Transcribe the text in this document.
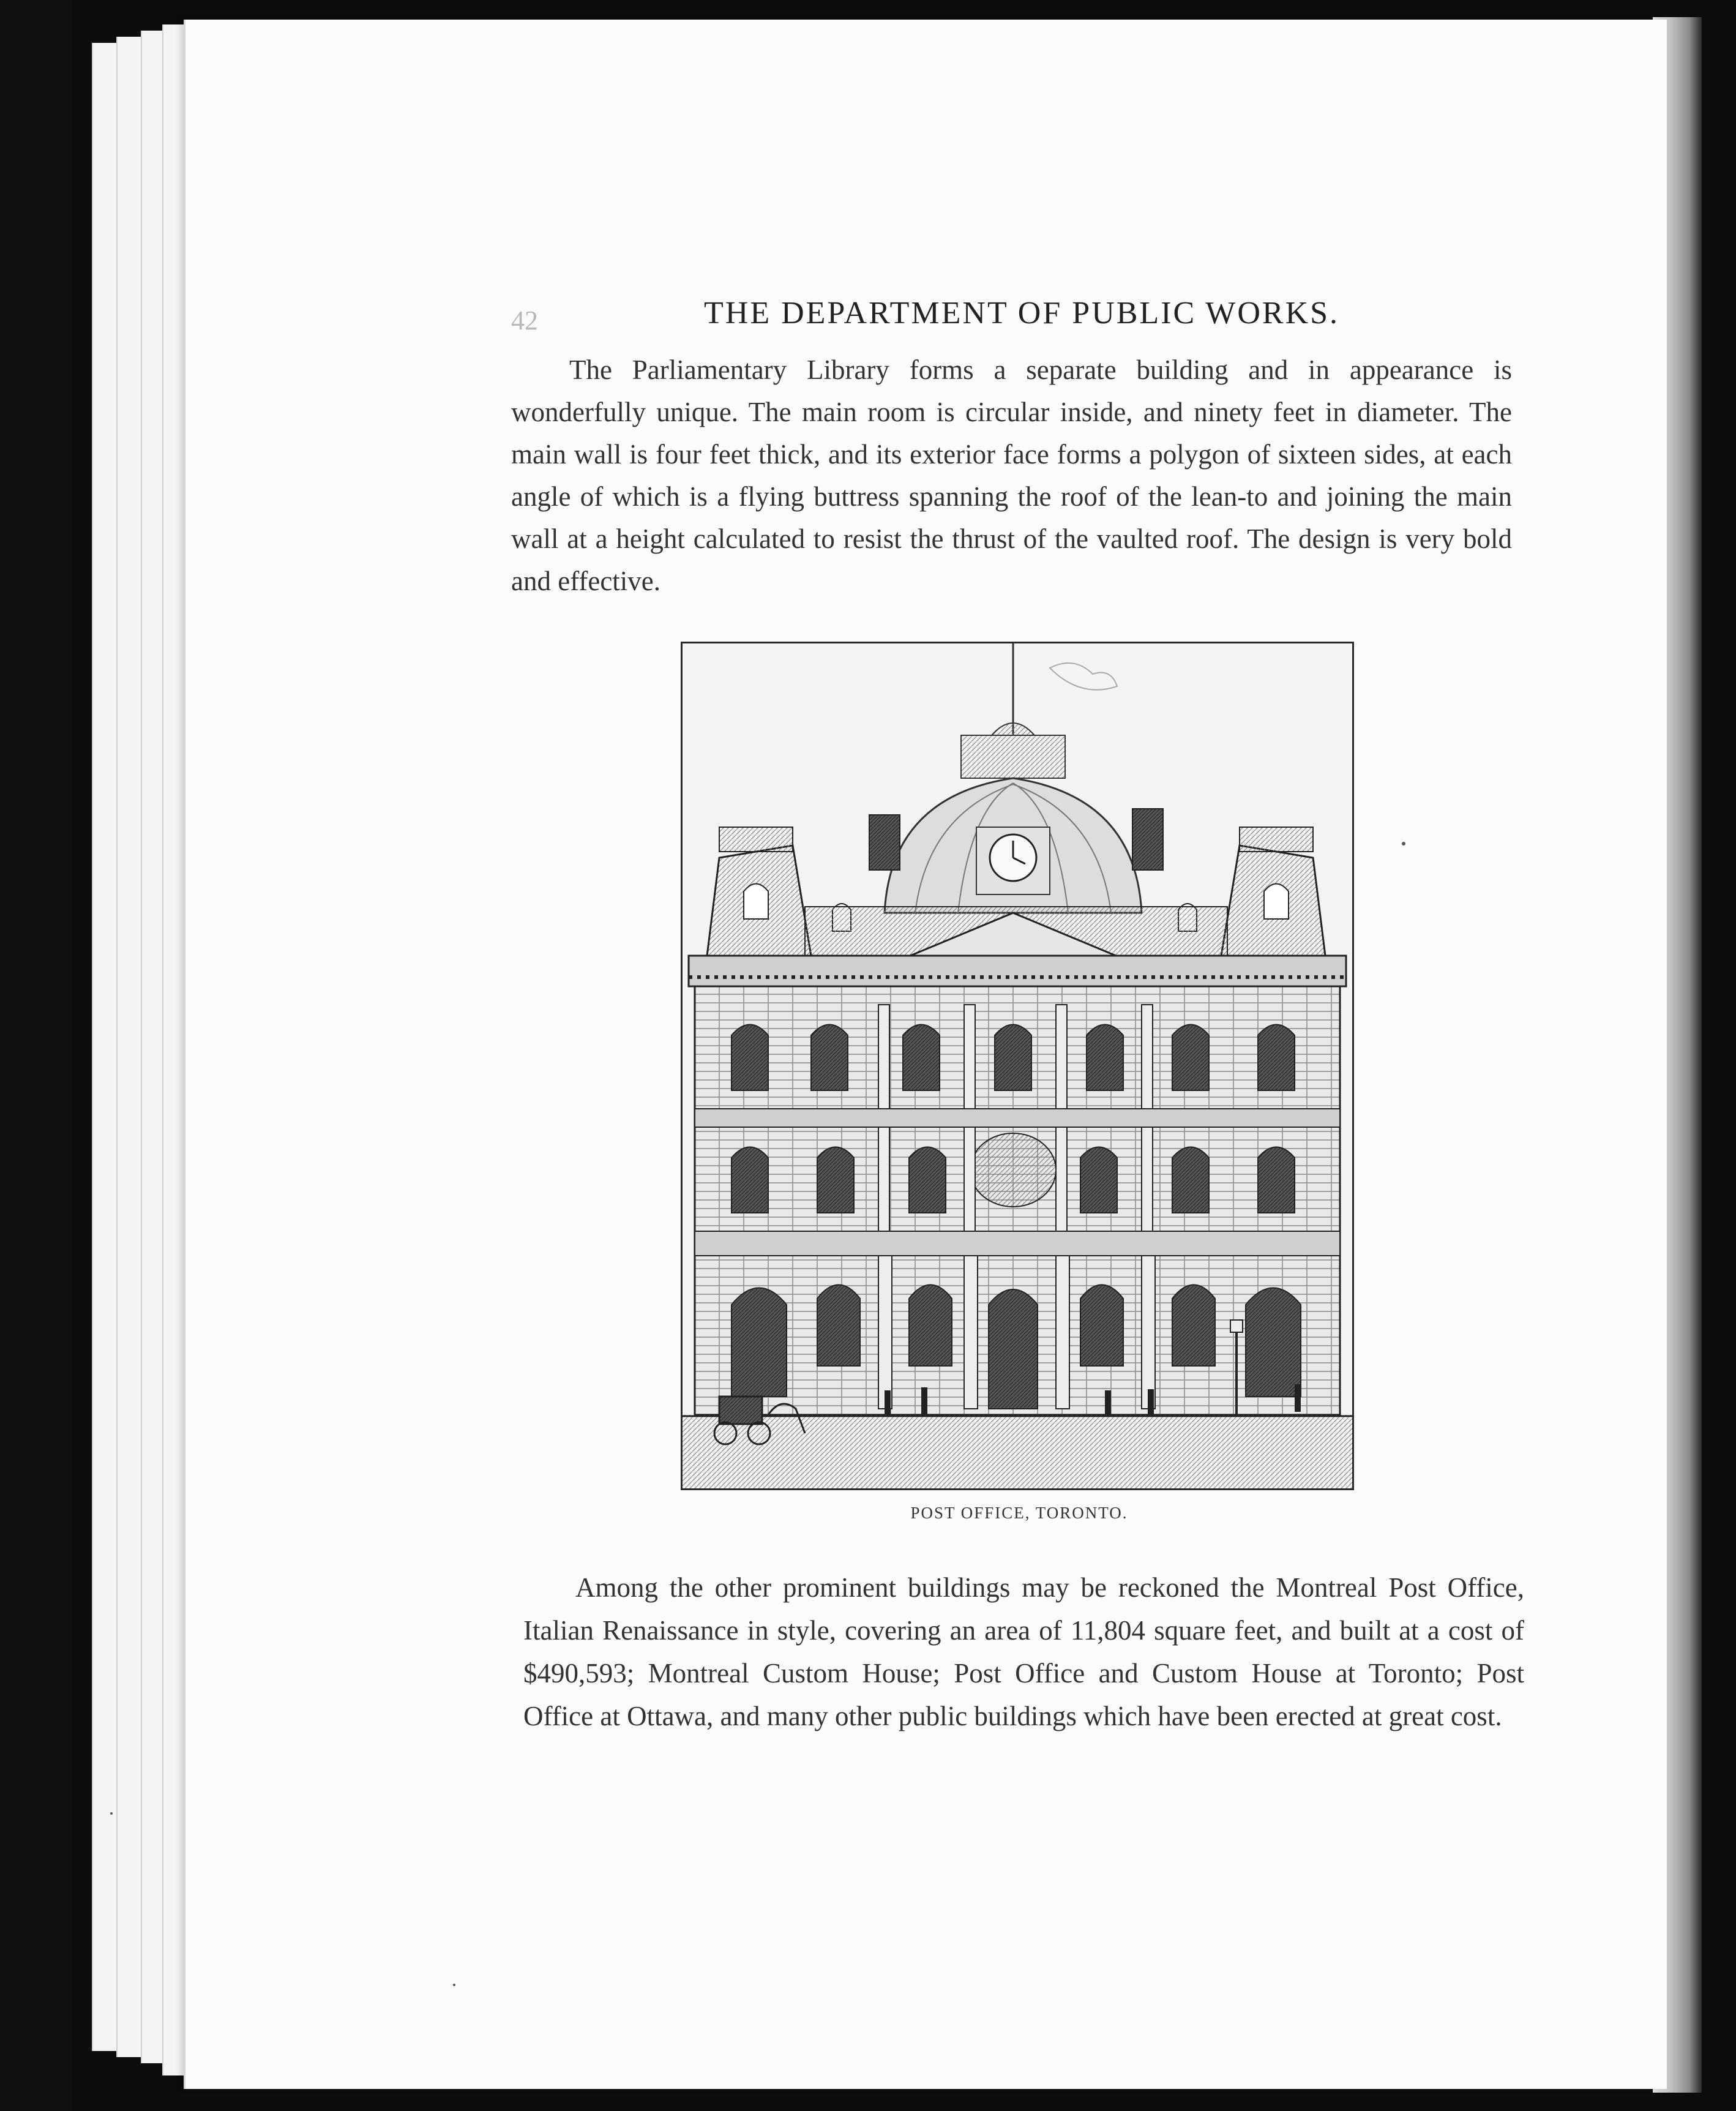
42	THE DEPARTMENT OF PUBLIC WORKS.

The Parliamentary Library forms a separate building and in appearance is wonderfully unique. The main room is circular inside, and ninety feet in diameter. The main wall is four feet thick, and its exterior face forms a polygon of sixteen sides, at each angle of which is a flying buttress spanning the roof of the lean-to and joining the main wall at a height calculated to resist the thrust of the vaulted roof. The design is very bold and effective.

POST OFFICE, TORONTO.

Among the other prominent buildings may be reckoned the Montreal Post Office, Italian Renaissance in style, covering an area of 11,804 square feet, and built at a cost of $490,593; Montreal Custom House; Post Office and Custom House at Toronto; Post Office at Ottawa, and many other public buildings which have been erected at great cost.
